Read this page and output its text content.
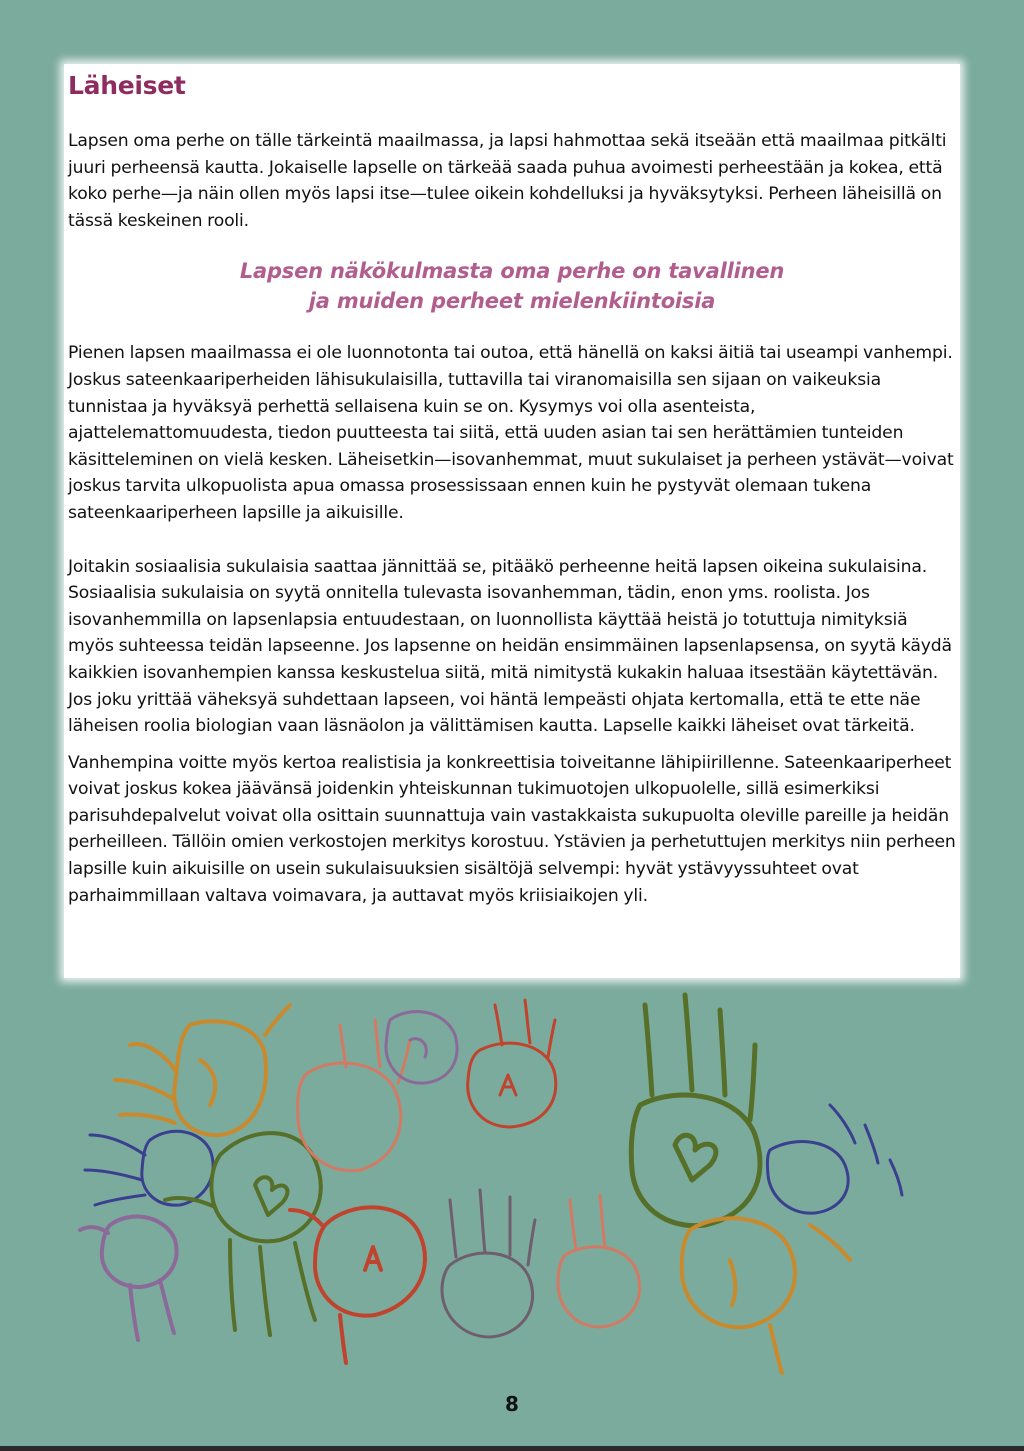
Läheiset

Lapsen oma perhe on tälle tärkeintä maailmassa, ja lapsi hahmottaa sekä itseään että maailmaa pitkälti juuri perheensä kautta. Jokaiselle lapselle on tärkeää saada puhua avoimesti perheestään ja kokea, että koko perhe—ja näin ollen myös lapsi itse—tulee oikein kohdelluksi ja hyväksytyksi. Perheen läheisillä on tässä keskeinen rooli.

Lapsen näkökulmasta oma perhe on tavallinen
ja muiden perheet mielenkiintoisia

Pienen lapsen maailmassa ei ole luonnotonta tai outoa, että hänellä on kaksi äitiä tai useampi vanhempi. Joskus sateenkaariperheiden lähisukulaisilla, tuttavilla tai viranomaisilla sen sijaan on vaikeuksia tunnistaa ja hyväksyä perhettä sellaisena kuin se on. Kysymys voi olla asenteista, ajattelemattomuudesta, tiedon puutteesta tai siitä, että uuden asian tai sen herättämien tunteiden käsitteleminen on vielä kesken. Läheisetkin—isovanhemmat, muut sukulaiset ja perheen ystävät—voivat joskus tarvita ulkopuolista apua omassa prosessissaan ennen kuin he pystyvät olemaan tukena sateenkaariperheen lapsille ja aikuisille.

Joitakin sosiaalisia sukulaisia saattaa jännittää se, pitääkö perheenne heitä lapsen oikeina sukulaisina. Sosiaalisia sukulaisia on syytä onnitella tulevasta isovanhemman, tädin, enon yms. roolista. Jos isovanhemmilla on lapsenlapsia entuudestaan, on luonnollista käyttää heistä jo totuttuja nimityksiä myös suhteessa teidän lapseenne. Jos lapsenne on heidän ensimmäinen lapsenlapsensa, on syytä käydä kaikkien isovanhempien kanssa keskustelua siitä, mitä nimitystä kukakin haluaa itsestään käytettävän. Jos joku yrittää väheksyä suhdettaan lapseen, voi häntä lempeästi ohjata kertomalla, että te ette näe läheisen roolia biologian vaan läsnäolon ja välittämisen kautta. Lapselle kaikki läheiset ovat tärkeitä.

Vanhempina voitte myös kertoa realistisia ja konkreettisia toiveitanne lähipiirillenne. Sateenkaariperheet voivat joskus kokea jäävänsä joidenkin yhteiskunnan tukimuotojen ulkopuolelle, sillä esimerkiksi parisuhdepalvelut voivat olla osittain suunnattuja vain vastakkaista sukupuolta oleville pareille ja heidän perheilleen. Tällöin omien verkostojen merkitys korostuu. Ystävien ja perhetuttujen merkitys niin perheen lapsille kuin aikuisille on usein sukulaisuuksien sisältöjä selvempi: hyvät ystävyyssuhteet ovat parhaimmillaan valtava voimavara, ja auttavat myös kriisiaikojen yli.

8
